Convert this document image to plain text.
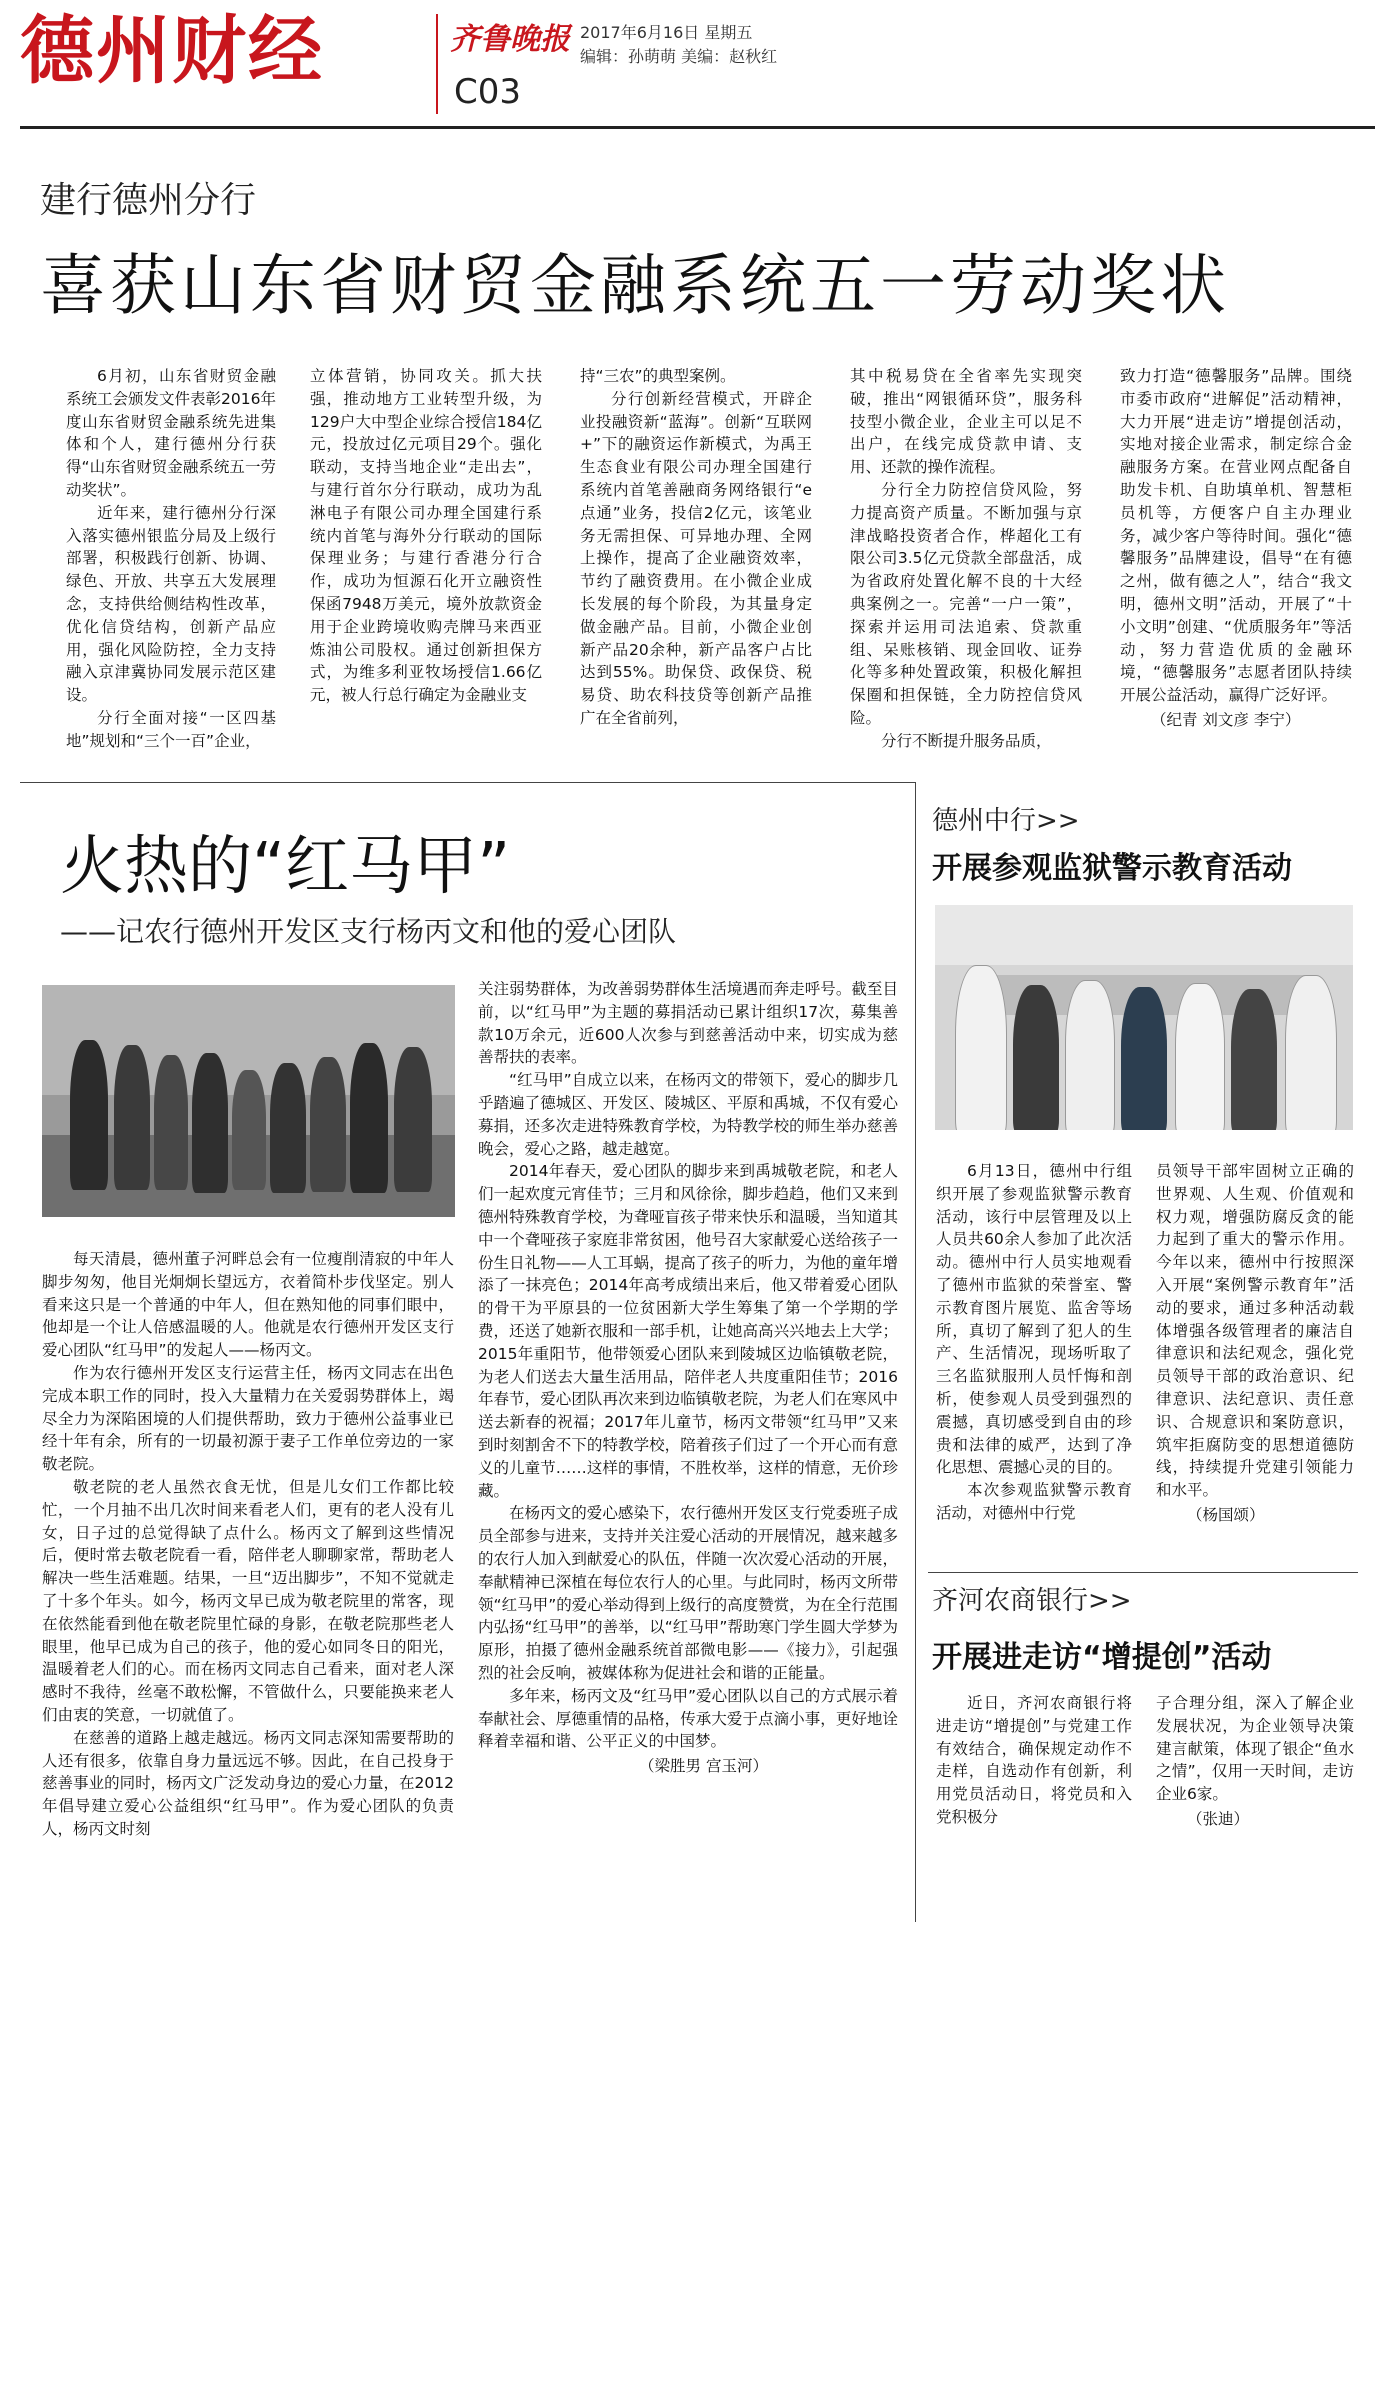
德州财经	齐鲁晚报
C03
2017年6月16日 星期五
编辑：孙萌萌 美编：赵秋红
建行德州分行
喜获山东省财贸金融系统五一劳动奖状

6月初，山东省财贸金融系统工会颁发文件表彰2016年度山东省财贸金融系统先进集体和个人，建行德州分行获得“山东省财贸金融系统五一劳动奖状”。

近年来，建行德州分行深入落实德州银监分局及上级行部署，积极践行创新、协调、绿色、开放、共享五大发展理念，支持供给侧结构性改革，优化信贷结构，创新产品应用，强化风险防控，全力支持融入京津冀协同发展示范区建设。

分行全面对接“一区四基地”规划和“三个一百”企业，

立体营销，协同攻关。抓大扶强，推动地方工业转型升级，为129户大中型企业综合授信184亿元，投放过亿元项目29个。强化联动，支持当地企业“走出去”，与建行首尔分行联动，成功为乱淋电子有限公司办理全国建行系统内首笔与海外分行联动的国际保理业务；与建行香港分行合作，成功为恒源石化开立融资性保函7948万美元，境外放款资金用于企业跨境收购壳牌马来西亚炼油公司股权。通过创新担保方式，为维多利亚牧场授信1.66亿元，被人行总行确定为金融业支

持“三农”的典型案例。

分行创新经营模式，开辟企业投融资新“蓝海”。创新“互联网+”下的融资运作新模式，为禹王生态食业有限公司办理全国建行系统内首笔善融商务网络银行“e点通”业务，投信2亿元，该笔业务无需担保、可异地办理、全网上操作，提高了企业融资效率，节约了融资费用。在小微企业成长发展的每个阶段，为其量身定做金融产品。目前，小微企业创新产品20余种，新产品客户占比达到55%。助保贷、政保贷、税易贷、助农科技贷等创新产品推广在全省前列，

其中税易贷在全省率先实现突破，推出“网银循环贷”，服务科技型小微企业，企业主可以足不出户，在线完成贷款申请、支用、还款的操作流程。

分行全力防控信贷风险，努力提高资产质量。不断加强与京津战略投资者合作，桦超化工有限公司3.5亿元贷款全部盘活，成为省政府处置化解不良的十大经典案例之一。完善“一户一策”，探索并运用司法追索、贷款重组、呆账核销、现金回收、证券化等多种处置政策，积极化解担保圈和担保链，全力防控信贷风险。

分行不断提升服务品质，

致力打造“德馨服务”品牌。围绕市委市政府“进解促”活动精神，大力开展“进走访”增提创活动，实地对接企业需求，制定综合金融服务方案。在营业网点配备自助发卡机、自助填单机、智慧柜员机等，方便客户自主办理业务，减少客户等待时间。强化“德馨服务”品牌建设，倡导“在有德之州，做有德之人”，结合“我文明，德州文明”活动，开展了“十小文明”创建、“优质服务年”等活动，努力营造优质的金融环境，“德馨服务”志愿者团队持续开展公益活动，赢得广泛好评。

（纪青 刘文彦 李宁）

火热的“红马甲”
——记农行德州开发区支行杨丙文和他的爱心团队

每天清晨，德州董子河畔总会有一位瘦削清寂的中年人脚步匆匆，他目光炯炯长望远方，衣着简朴步伐坚定。别人看来这只是一个普通的中年人，但在熟知他的同事们眼中，他却是一个让人倍感温暖的人。他就是农行德州开发区支行爱心团队“红马甲”的发起人——杨丙文。

作为农行德州开发区支行运营主任，杨丙文同志在出色完成本职工作的同时，投入大量精力在关爱弱势群体上，竭尽全力为深陷困境的人们提供帮助，致力于德州公益事业已经十年有余，所有的一切最初源于妻子工作单位旁边的一家敬老院。

敬老院的老人虽然衣食无忧，但是儿女们工作都比较忙，一个月抽不出几次时间来看老人们，更有的老人没有儿女，日子过的总觉得缺了点什么。杨丙文了解到这些情况后，便时常去敬老院看一看，陪伴老人聊聊家常，帮助老人解决一些生活难题。结果，一旦“迈出脚步”，不知不觉就走了十多个年头。如今，杨丙文早已成为敬老院里的常客，现在依然能看到他在敬老院里忙碌的身影，在敬老院那些老人眼里，他早已成为自己的孩子，他的爱心如同冬日的阳光，温暖着老人们的心。而在杨丙文同志自己看来，面对老人深感时不我待，丝毫不敢松懈，不管做什么，只要能换来老人们由衷的笑意，一切就值了。

在慈善的道路上越走越远。杨丙文同志深知需要帮助的人还有很多，依靠自身力量远远不够。因此，在自己投身于慈善事业的同时，杨丙文广泛发动身边的爱心力量，在2012年倡导建立爱心公益组织“红马甲”。作为爱心团队的负责人，杨丙文时刻

关注弱势群体，为改善弱势群体生活境遇而奔走呼号。截至目前，以“红马甲”为主题的募捐活动已累计组织17次，募集善款10万余元，近600人次参与到慈善活动中来，切实成为慈善帮扶的表率。

“红马甲”自成立以来，在杨丙文的带领下，爱心的脚步几乎踏遍了德城区、开发区、陵城区、平原和禹城，不仅有爱心募捐，还多次走进特殊教育学校，为特教学校的师生举办慈善晚会，爱心之路，越走越宽。

2014年春天，爱心团队的脚步来到禹城敬老院，和老人们一起欢度元宵佳节；三月和风徐徐，脚步趋趋，他们又来到德州特殊教育学校，为聋哑盲孩子带来快乐和温暖，当知道其中一个聋哑孩子家庭非常贫困，他号召大家献爱心送给孩子一份生日礼物——人工耳蜗，提高了孩子的听力，为他的童年增添了一抹亮色；2014年高考成绩出来后，他又带着爱心团队的骨干为平原县的一位贫困新大学生筹集了第一个学期的学费，还送了她新衣服和一部手机，让她高高兴兴地去上大学；2015年重阳节，他带领爱心团队来到陵城区边临镇敬老院，为老人们送去大量生活用品，陪伴老人共度重阳佳节；2016年春节，爱心团队再次来到边临镇敬老院，为老人们在寒风中送去新春的祝福；2017年儿童节，杨丙文带领“红马甲”又来到时刻割舍不下的特教学校，陪着孩子们过了一个开心而有意义的儿童节……这样的事情，不胜枚举，这样的情意，无价珍藏。

在杨丙文的爱心感染下，农行德州开发区支行党委班子成员全部参与进来，支持并关注爱心活动的开展情况，越来越多的农行人加入到献爱心的队伍，伴随一次次爱心活动的开展，奉献精神已深植在每位农行人的心里。与此同时，杨丙文所带领“红马甲”的爱心举动得到上级行的高度赞赏，为在全行范围内弘扬“红马甲”的善举，以“红马甲”帮助寒门学生圆大学梦为原形，拍摄了德州金融系统首部微电影——《接力》，引起强烈的社会反响，被媒体称为促进社会和谐的正能量。

多年来，杨丙文及“红马甲”爱心团队以自己的方式展示着奉献社会、厚德重情的品格，传承大爱于点滴小事，更好地诠释着幸福和谐、公平正义的中国梦。

（梁胜男 宫玉河）

德州中行>>
开展参观监狱警示教育活动

6月13日，德州中行组织开展了参观监狱警示教育活动，该行中层管理及以上人员共60余人参加了此次活动。德州中行人员实地观看了德州市监狱的荣誉室、警示教育图片展览、监舍等场所，真切了解到了犯人的生产、生活情况，现场听取了三名监狱服刑人员忏悔和剖析，使参观人员受到强烈的震撼，真切感受到自由的珍贵和法律的威严，达到了净化思想、震撼心灵的目的。

本次参观监狱警示教育活动，对德州中行党

员领导干部牢固树立正确的世界观、人生观、价值观和权力观，增强防腐反贪的能力起到了重大的警示作用。今年以来，德州中行按照深入开展“案例警示教育年”活动的要求，通过多种活动载体增强各级管理者的廉洁自律意识和法纪观念，强化党员领导干部的政治意识、纪律意识、法纪意识、责任意识、合规意识和案防意识，筑牢拒腐防变的思想道德防线，持续提升党建引领能力和水平。

（杨国颂）

齐河农商银行>>
开展进走访“增提创”活动

近日，齐河农商银行将进走访“增提创”与党建工作有效结合，确保规定动作不走样，自选动作有创新，利用党员活动日，将党员和入党积极分

子合理分组，深入了解企业发展状况，为企业领导决策建言献策，体现了银企“鱼水之情”，仅用一天时间，走访企业6家。

（张迪）
